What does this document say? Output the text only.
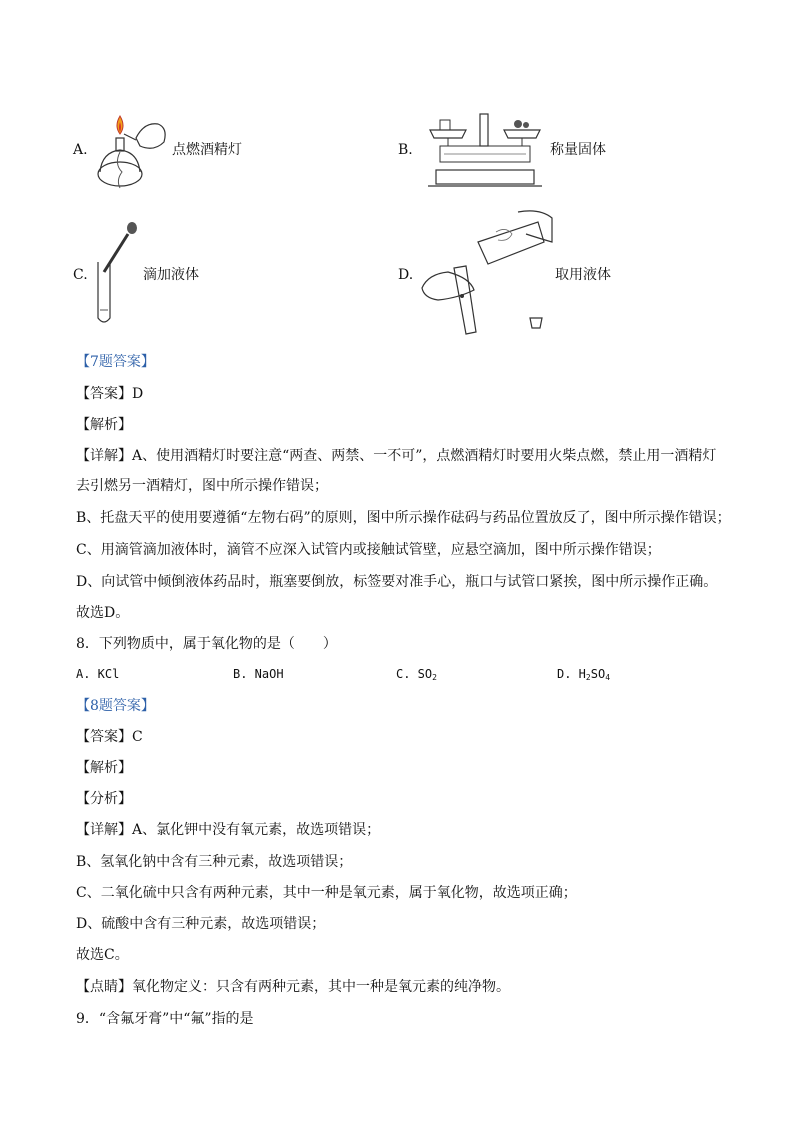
A.	点燃酒精灯	B.	称量固体
C.	滴加液体	D.	取用液体
【7题答案】
【答案】D
【解析】
【详解】A、使用酒精灯时要注意“两查、两禁、一不可”，点燃酒精灯时要用火柴点燃，禁止用一酒精灯
去引燃另一酒精灯，图中所示操作错误；
B、托盘天平的使用要遵循“左物右码”的原则，图中所示操作砝码与药品位置放反了，图中所示操作错误；
C、用滴管滴加液体时，滴管不应深入试管内或接触试管壁，应悬空滴加，图中所示操作错误；
D、向试管中倾倒液体药品时，瓶塞要倒放，标签要对准手心，瓶口与试管口紧挨，图中所示操作正确。
故选D。
8．下列物质中，属于氧化物的是（　　）
A. KCl	B. NaOH	C. $SO_2$	D. $H_2SO_4$
【8题答案】
【答案】C
【解析】
【分析】
【详解】A、氯化钾中没有氧元素，故选项错误；
B、氢氧化钠中含有三种元素，故选项错误；
C、二氧化硫中只含有两种元素，其中一种是氧元素，属于氧化物，故选项正确；
D、硫酸中含有三种元素，故选项错误；
故选C。
【点睛】氧化物定义：只含有两种元素，其中一种是氧元素的纯净物。
9．“含氟牙膏”中“氟”指的是
